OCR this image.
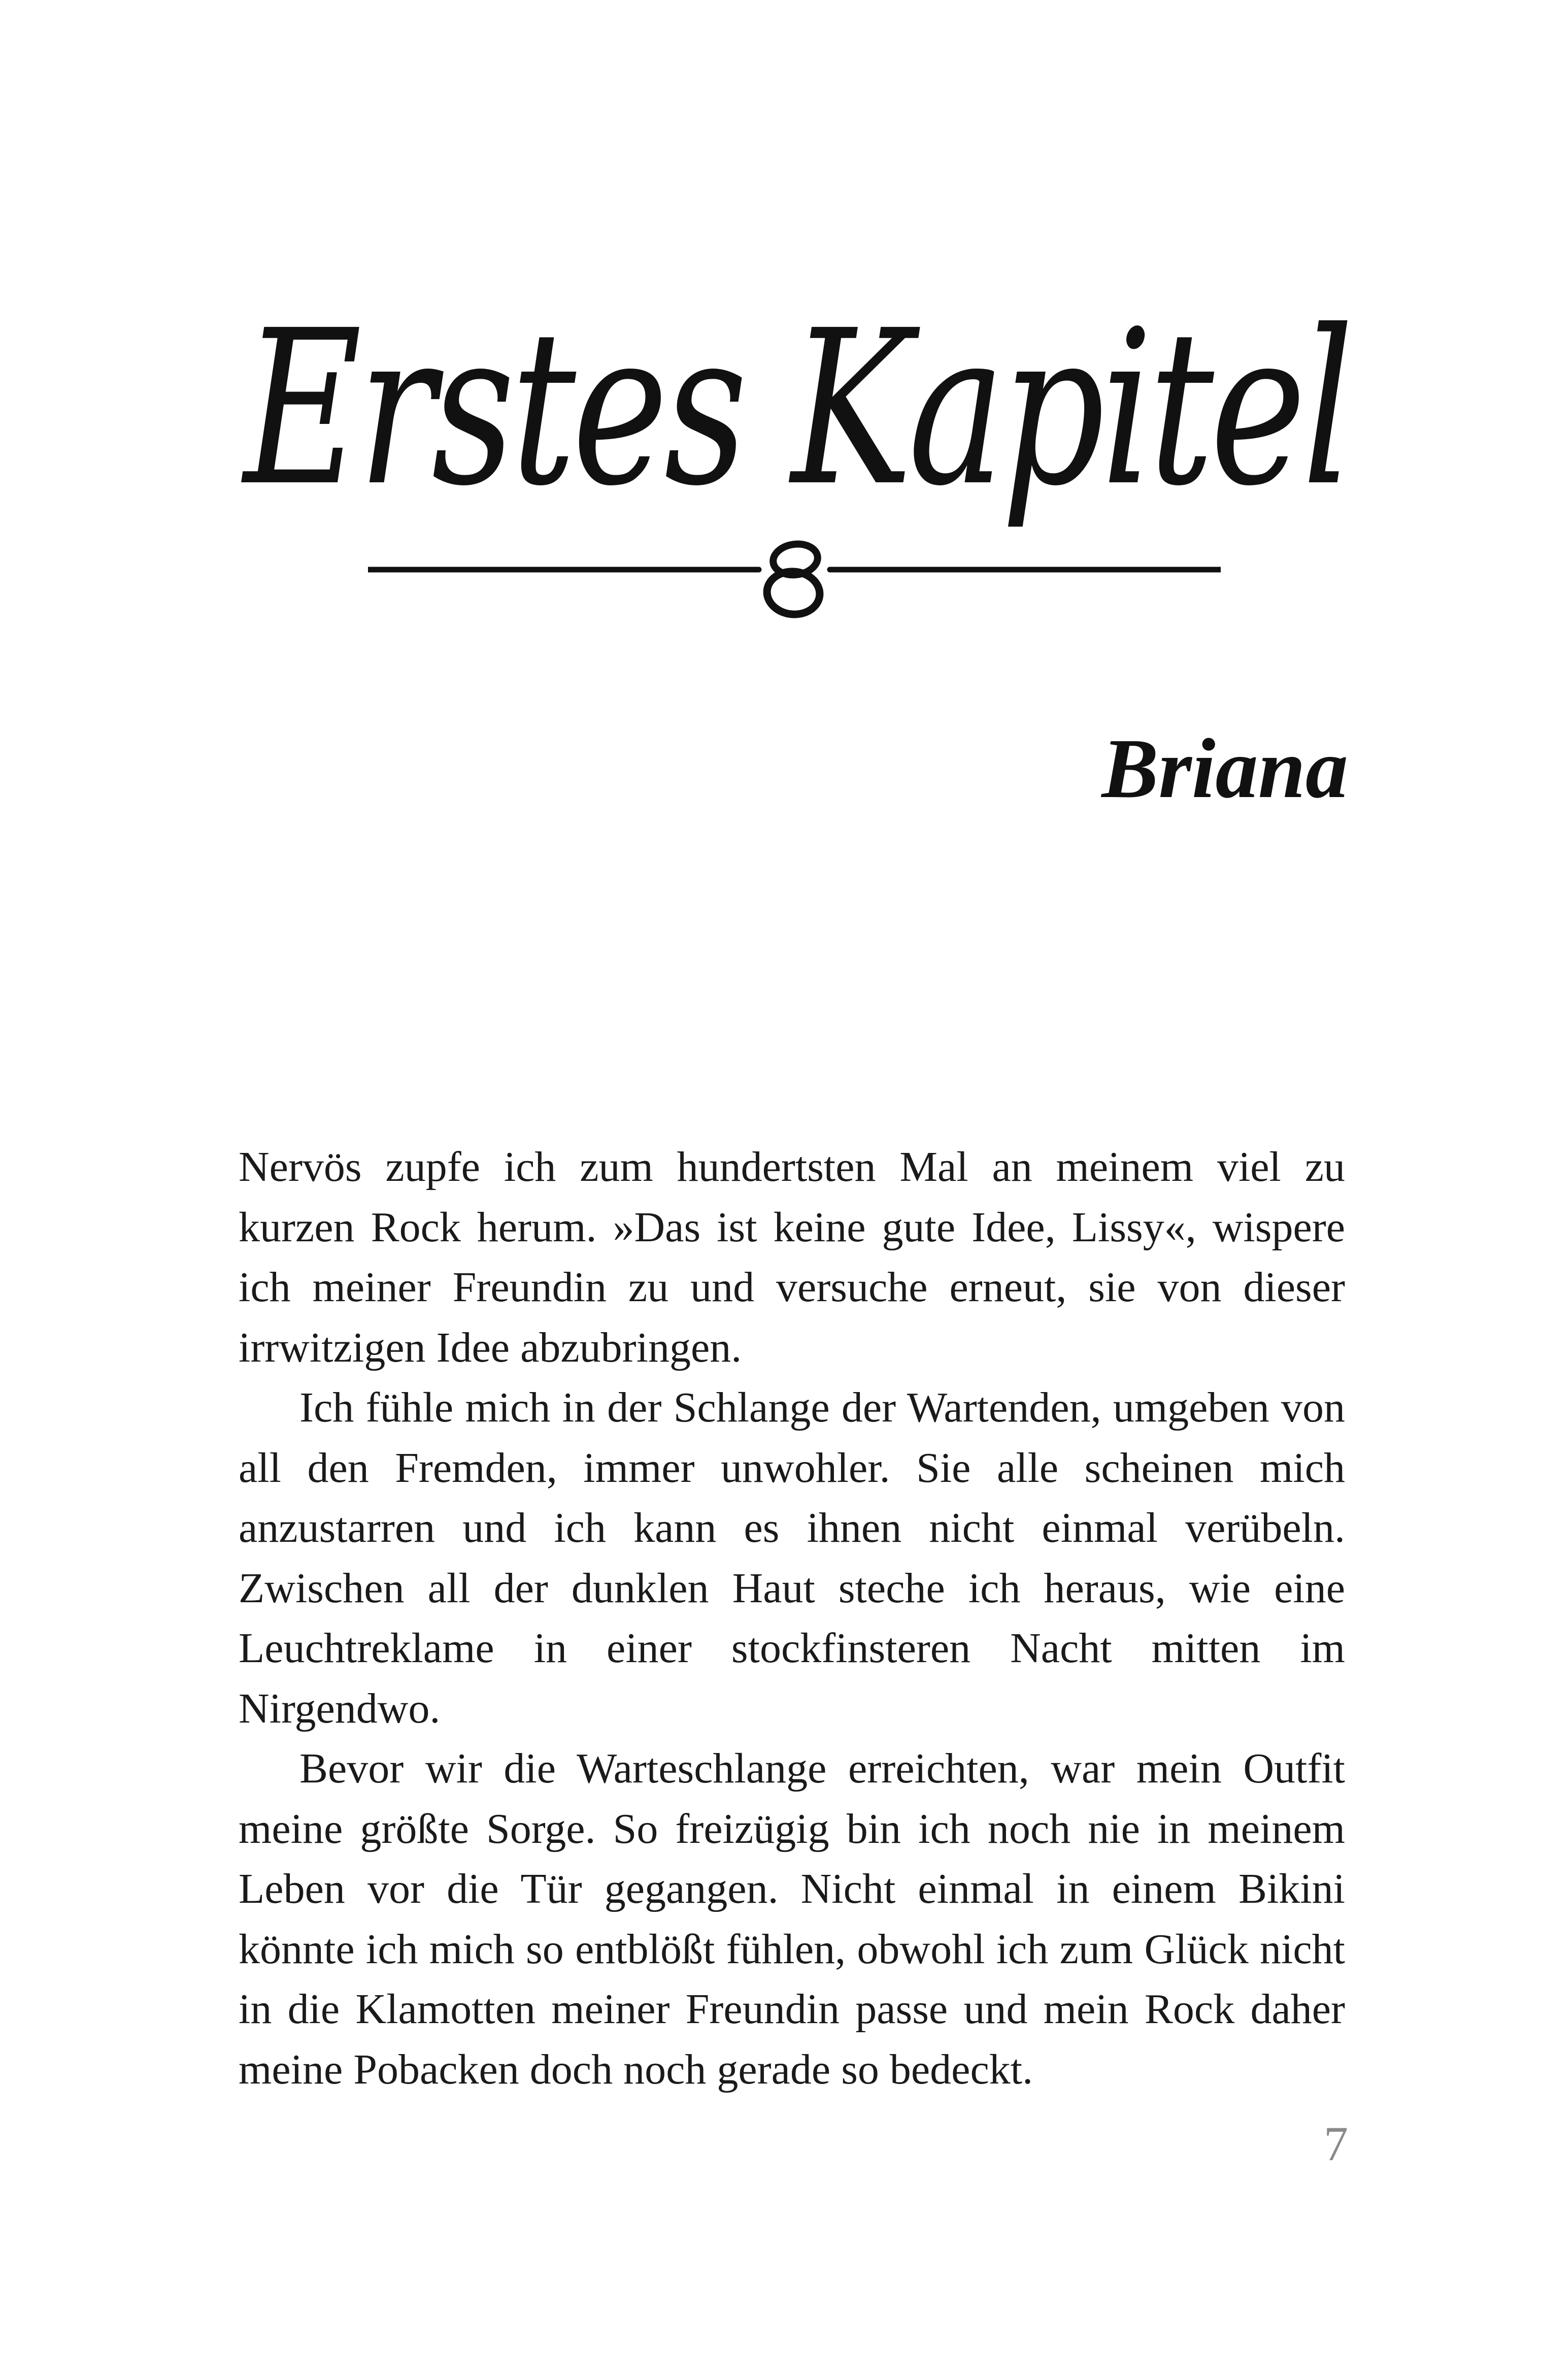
Erstes Kapitel
Briana

Nervös zupfe ich zum hundertsten Mal an meinem viel zu kurzen Rock herum. »Das ist keine gute Idee, Lissy«, wispere ich meiner Freundin zu und versuche erneut, sie von dieser irrwitzigen Idee abzubringen.

Ich fühle mich in der Schlange der Wartenden, umgeben von all den Fremden, immer unwohler. Sie alle scheinen mich anzustarren und ich kann es ihnen nicht einmal verübeln. Zwischen all der dunklen Haut steche ich heraus, wie eine Leuchtreklame in einer stockfinsteren Nacht mitten im Nirgendwo.

Bevor wir die Warteschlange erreichten, war mein Outfit meine größte Sorge. So freizügig bin ich noch nie in meinem Leben vor die Tür gegangen. Nicht einmal in einem Bikini könnte ich mich so entblößt fühlen, obwohl ich zum Glück nicht in die Klamotten meiner Freundin passe und mein Rock daher meine Pobacken doch noch gerade so bedeckt.

7
